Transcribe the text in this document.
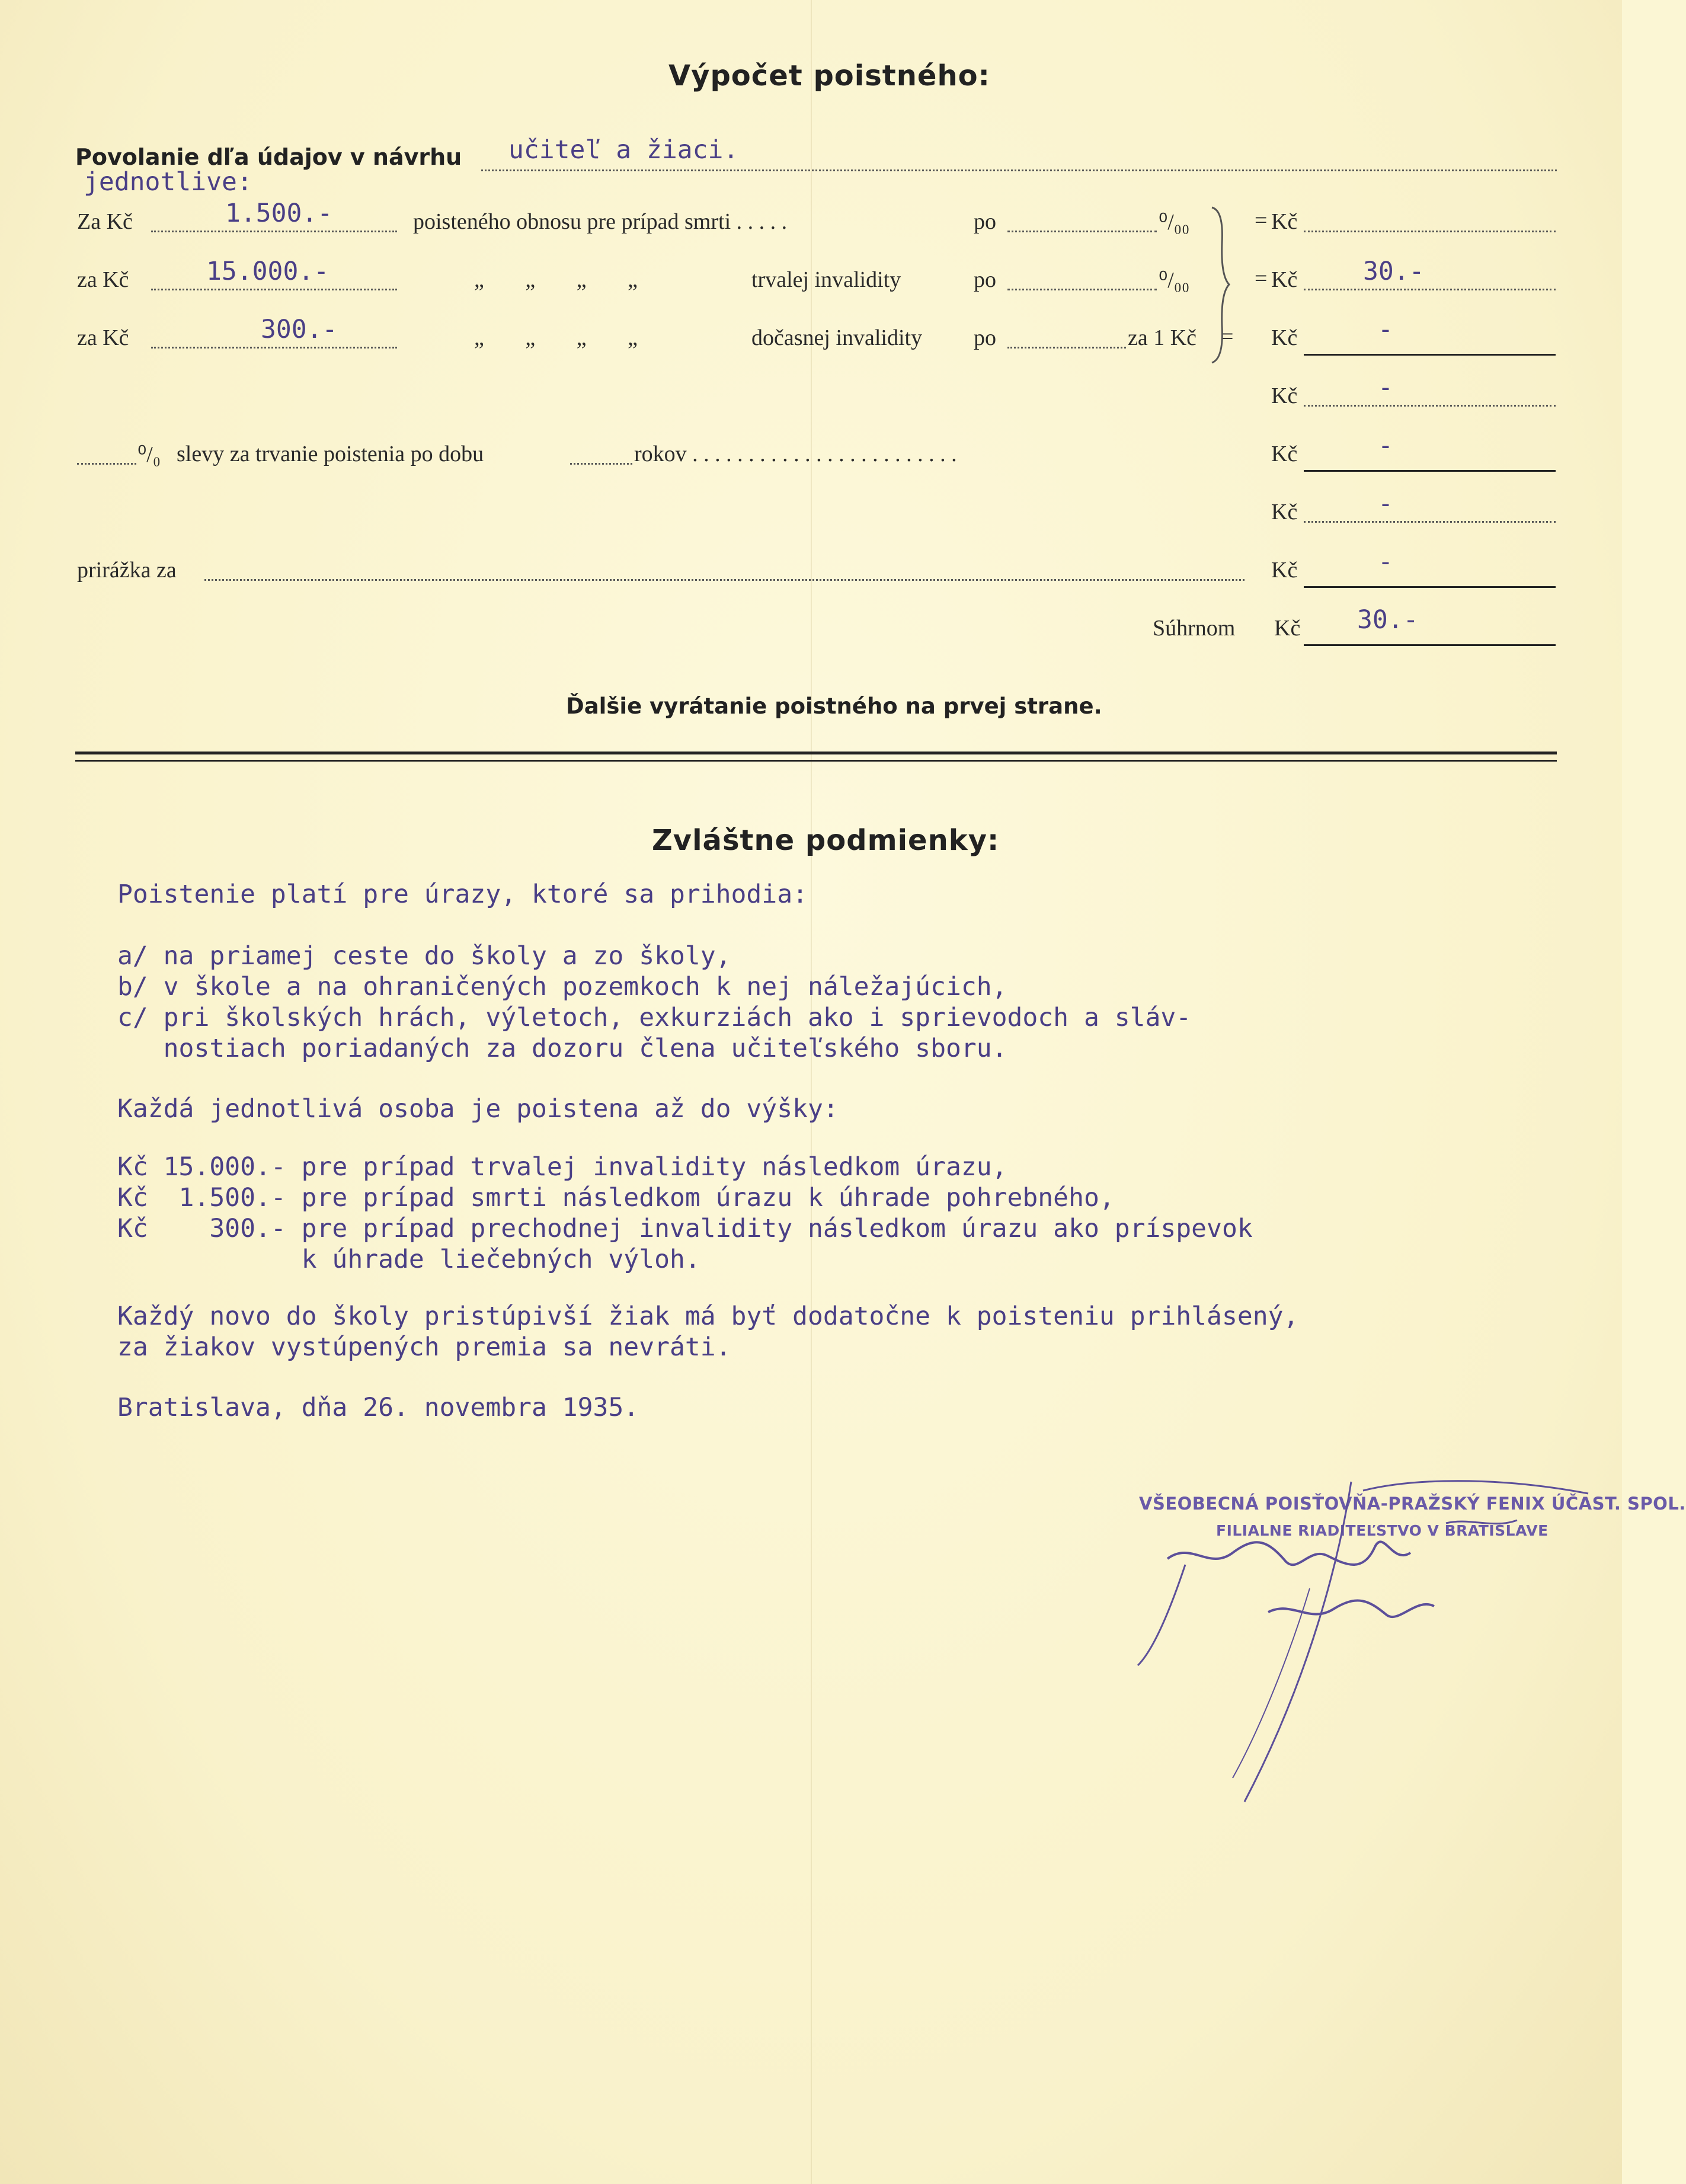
Výpočet poistného:
Povolanie dľa údajov v návrhu učiteľ a žiaci.
jednotlive:
Za Kč	1.500.-	poisteného obnosu pre prípad smrti . . . . .	po	⁰/₀₀	= Kč
za Kč	15.000.-	„ „ „ „	trvalej invalidity	po	⁰/₀₀	= Kč	30.-
za Kč	300.-	„ „ „ „	dočasnej invalidity po	za 1 Kč = Kč	-
Kč	-
⁰/₀ slevy za trvanie poistenia po dobu	rokov . . . . . . . . . . . . . . . . . . . . . . . .	Kč	-
Kč	-
prirážka za	Kč	-
Súhrnom Kč 30.-
Ďalšie vyrátanie poistného na prvej strane.
Zvláštne podmienky:
Poistenie platí pre úrazy, ktoré sa prihodia:
a/ na priamej ceste do školy a zo školy,
b/ v škole a na ohraničených pozemkoch k nej náležajúcich,
c/ pri školských hrách, výletoch, exkurziách ako i sprievodoch a sláv-
nostiach poriadaných za dozoru člena učiteľského sboru.
Každá jednotlivá osoba je poistena až do výšky:
Kč 15.000.- pre prípad trvalej invalidity následkom úrazu,
Kč  1.500.- pre prípad smrti následkom úrazu k úhrade pohrebného,
Kč    300.- pre prípad prechodnej invalidity následkom úrazu ako príspevok
k úhrade liečebných výloh.
Každý novo do školy pristúpivší žiak má byť dodatočne k poisteniu prihlásený,
za žiakov vystúpených premia sa nevráti.
Bratislava, dňa 26. novembra 1935.
VŠEOBECNÁ POISŤOVŇA-PRAŽSKÝ FENIX ÚČAST. SPOL.
FILIALNE RIADITEĽSTVO V BRATISLAVE
